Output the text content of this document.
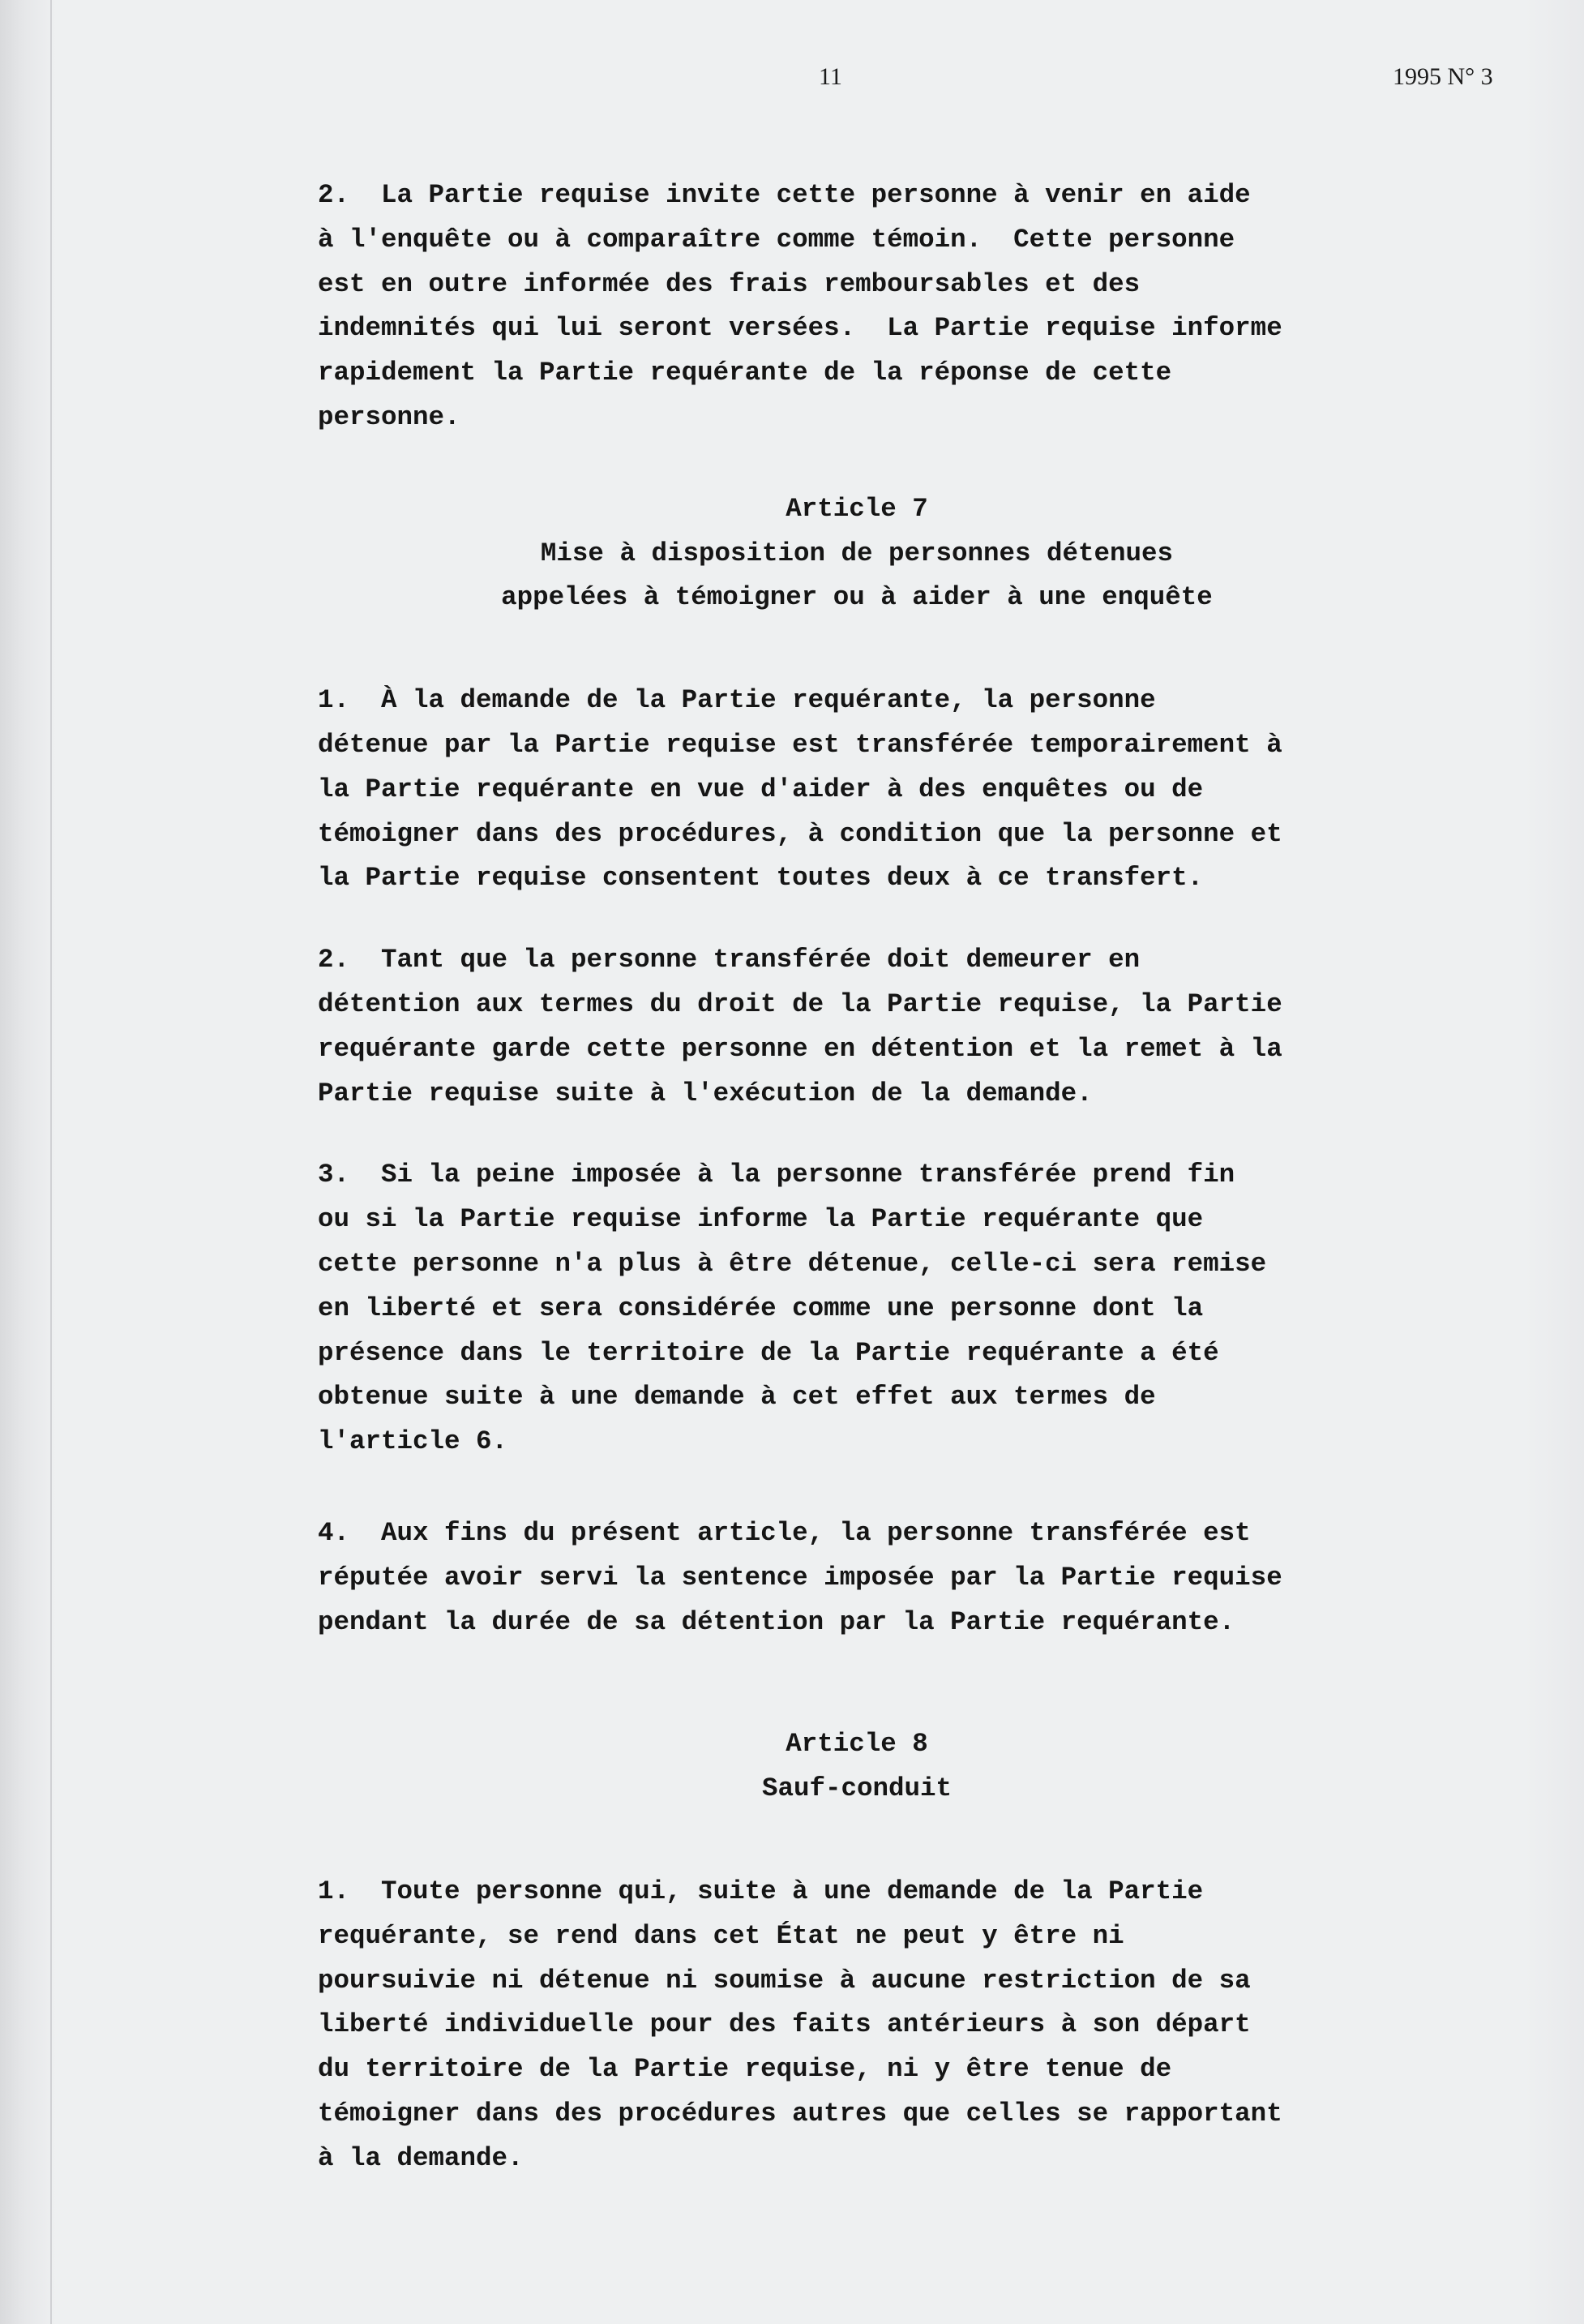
11	1995 N° 3

2.  La Partie requise invite cette personne à venir en aide

à l'enquête ou à comparaître comme témoin.  Cette personne

est en outre informée des frais remboursables et des

indemnités qui lui seront versées.  La Partie requise informe

rapidement la Partie requérante de la réponse de cette

personne.

Article 7

Mise à disposition de personnes détenues

appelées à témoigner ou à aider à une enquête

1.  À la demande de la Partie requérante, la personne

détenue par la Partie requise est transférée temporairement à

la Partie requérante en vue d'aider à des enquêtes ou de

témoigner dans des procédures, à condition que la personne et

la Partie requise consentent toutes deux à ce transfert.

2.  Tant que la personne transférée doit demeurer en

détention aux termes du droit de la Partie requise, la Partie

requérante garde cette personne en détention et la remet à la

Partie requise suite à l'exécution de la demande.

3.  Si la peine imposée à la personne transférée prend fin

ou si la Partie requise informe la Partie requérante que

cette personne n'a plus à être détenue, celle-ci sera remise

en liberté et sera considérée comme une personne dont la

présence dans le territoire de la Partie requérante a été

obtenue suite à une demande à cet effet aux termes de

l'article 6.

4.  Aux fins du présent article, la personne transférée est

réputée avoir servi la sentence imposée par la Partie requise

pendant la durée de sa détention par la Partie requérante.

Article 8

Sauf-conduit

1.  Toute personne qui, suite à une demande de la Partie

requérante, se rend dans cet État ne peut y être ni

poursuivie ni détenue ni soumise à aucune restriction de sa

liberté individuelle pour des faits antérieurs à son départ

du territoire de la Partie requise, ni y être tenue de

témoigner dans des procédures autres que celles se rapportant

à la demande.
